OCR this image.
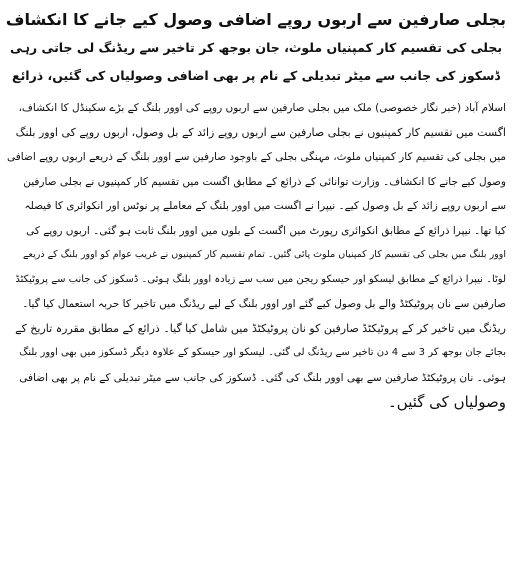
بجلی صارفین سے اربوں روپے اضافی وصول کیے جانے کا انکشاف

بجلی کی تقسیم کار کمپنیاں ملوث، جان بوجھ کر تاخیر سے ریڈنگ لی جاتی رہی

ڈسکوز کی جانب سے میٹر تبدیلی کے نام پر بھی اضافی وصولیاں کی گئیں، ذرائع

اسلام آباد (خبر نگار خصوصی) ملک میں بجلی صارفین سے اربوں روپے کی اوور بلنگ کے بڑے سکینڈل کا انکشاف،
اگست میں تقسیم کار کمپنیوں نے بجلی صارفین سے اربوں روپے زائد کے بل وصول، اربوں روپے کی اوور بلنگ
میں بجلی کی تقسیم کار کمپنیاں ملوث، مہنگی بجلی کے باوجود صارفین سے اوور بلنگ کے ذریعے اربوں روپے اضافی
وصول کیے جانے کا انکشاف۔ وزارت توانائی کے ذرائع کے مطابق اگست میں تقسیم کار کمپنیوں نے بجلی صارفین
سے اربوں روپے زائد کے بل وصول کیے۔ نیپرا نے اگست میں اوور بلنگ کے معاملے پر نوٹس اور انکوائری کا فیصلہ
کیا تھا۔ نیپرا ذرائع کے مطابق انکوائری رپورٹ میں اگست کے بلوں میں اوور بلنگ ثابت ہو گئی۔ اربوں روپے کی
اوور بلنگ میں بجلی کی تقسیم کار کمپنیاں ملوث پائی گئیں۔ تمام تقسیم کار کمپنیوں نے غریب عوام کو اوور بلنگ کے ذریعے
لوٹا۔ نیپرا ذرائع کے مطابق لیسکو اور حیسکو ریجن میں سب سے زیادہ اوور بلنگ ہوئی۔ ڈسکوز کی جانب سے پروٹیکٹڈ
صارفین سے نان پروٹیکٹڈ والے بل وصول کیے گئے اور اوور بلنگ کے لیے ریڈنگ میں تاخیر کا حربہ استعمال کیا گیا۔
ریڈنگ میں تاخیر کر کے پروٹیکٹڈ صارفین کو نان پروٹیکٹڈ میں شامل کیا گیا۔ ذرائع کے مطابق مقررہ تاریخ کے
بجائے جان بوجھ کر 3 سے 4 دن تاخیر سے ریڈنگ لی گئی۔ لیسکو اور حیسکو کے علاوہ دیگر ڈسکوز میں بھی اوور بلنگ
ہوئی۔ نان پروٹیکٹڈ صارفین سے بھی اوور بلنگ کی گئی۔ ڈسکوز کی جانب سے میٹر تبدیلی کے نام پر بھی اضافی
وصولیاں کی گئیں۔
